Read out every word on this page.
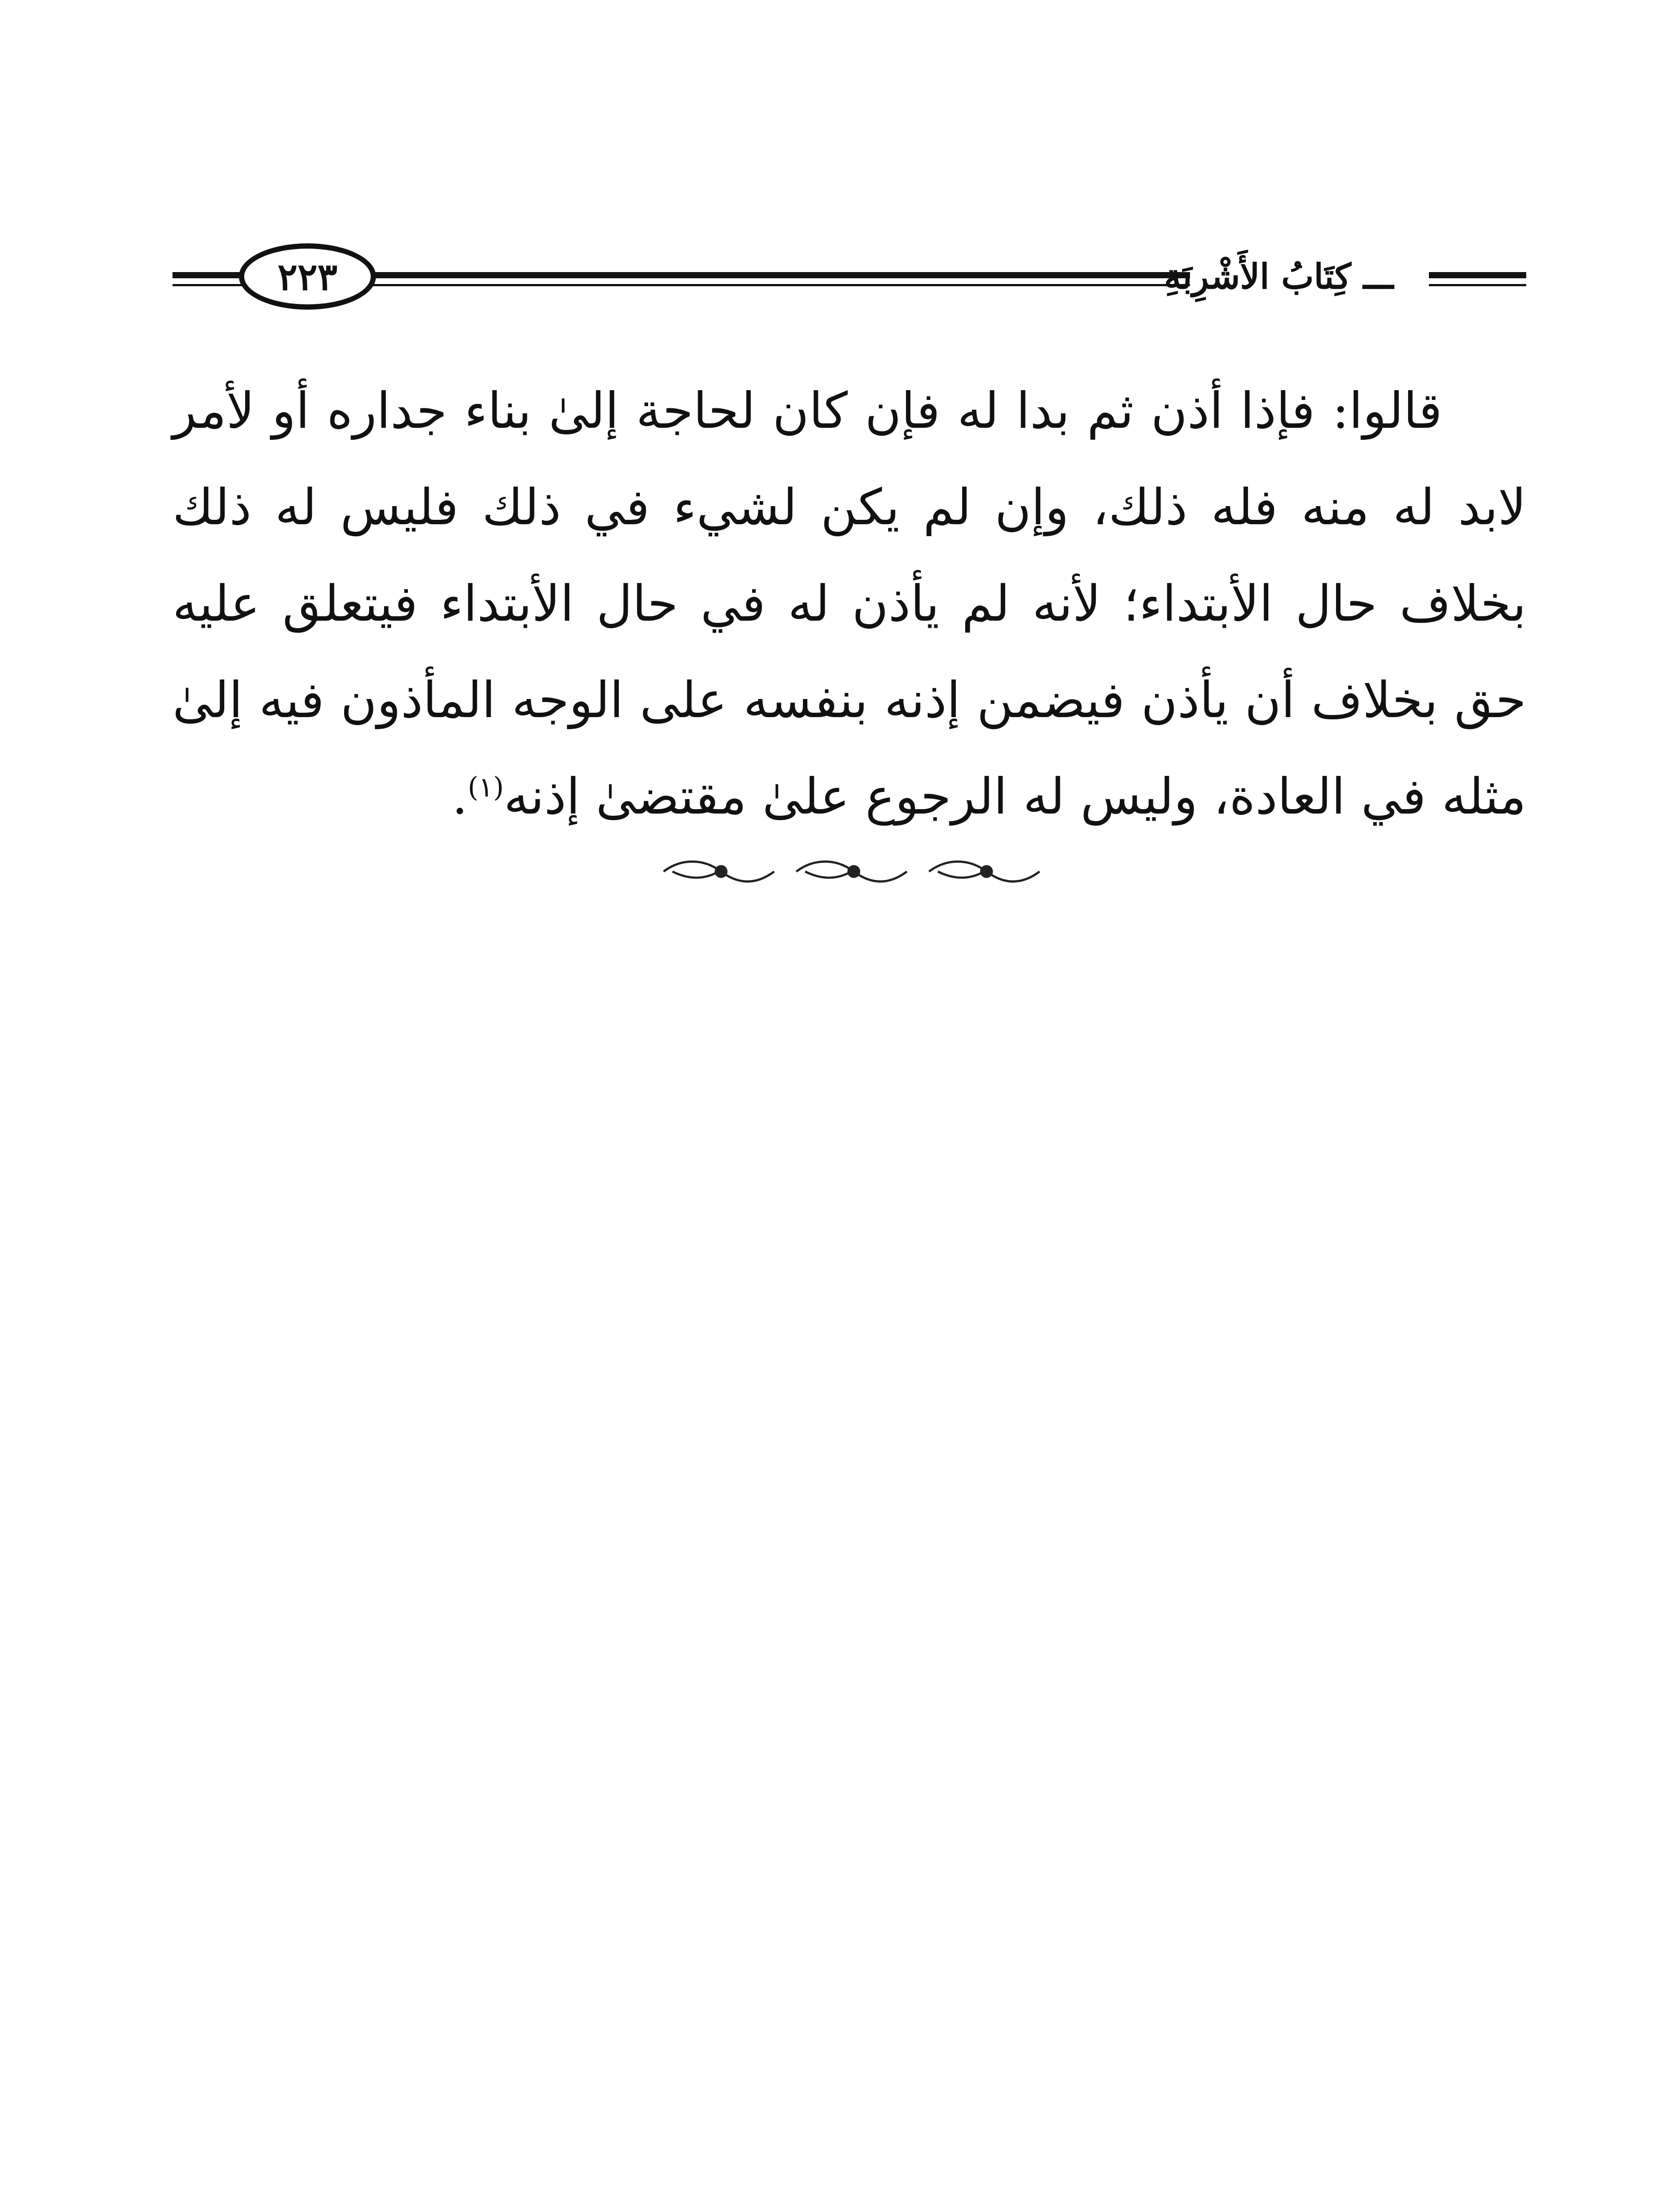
ـــ كِتَابُ الأَشْرِبَةِ
٢٢٣

قالوا: فإذا أذن ثم بدا له فإن كان لحاجة إلىٰ بناء جداره أو لأمر لابد له منه فله ذلك، وإن لم يكن لشيء في ذلك فليس له ذلك بخلاف حال الأبتداء؛ لأنه لم يأذن له في حال الأبتداء فيتعلق عليه حق بخلاف أن يأذن فيضمن إذنه بنفسه على الوجه المأذون فيه إلىٰ مثله في العادة، وليس له الرجوع علىٰ مقتضىٰ إذنه$^{(١)}$.
